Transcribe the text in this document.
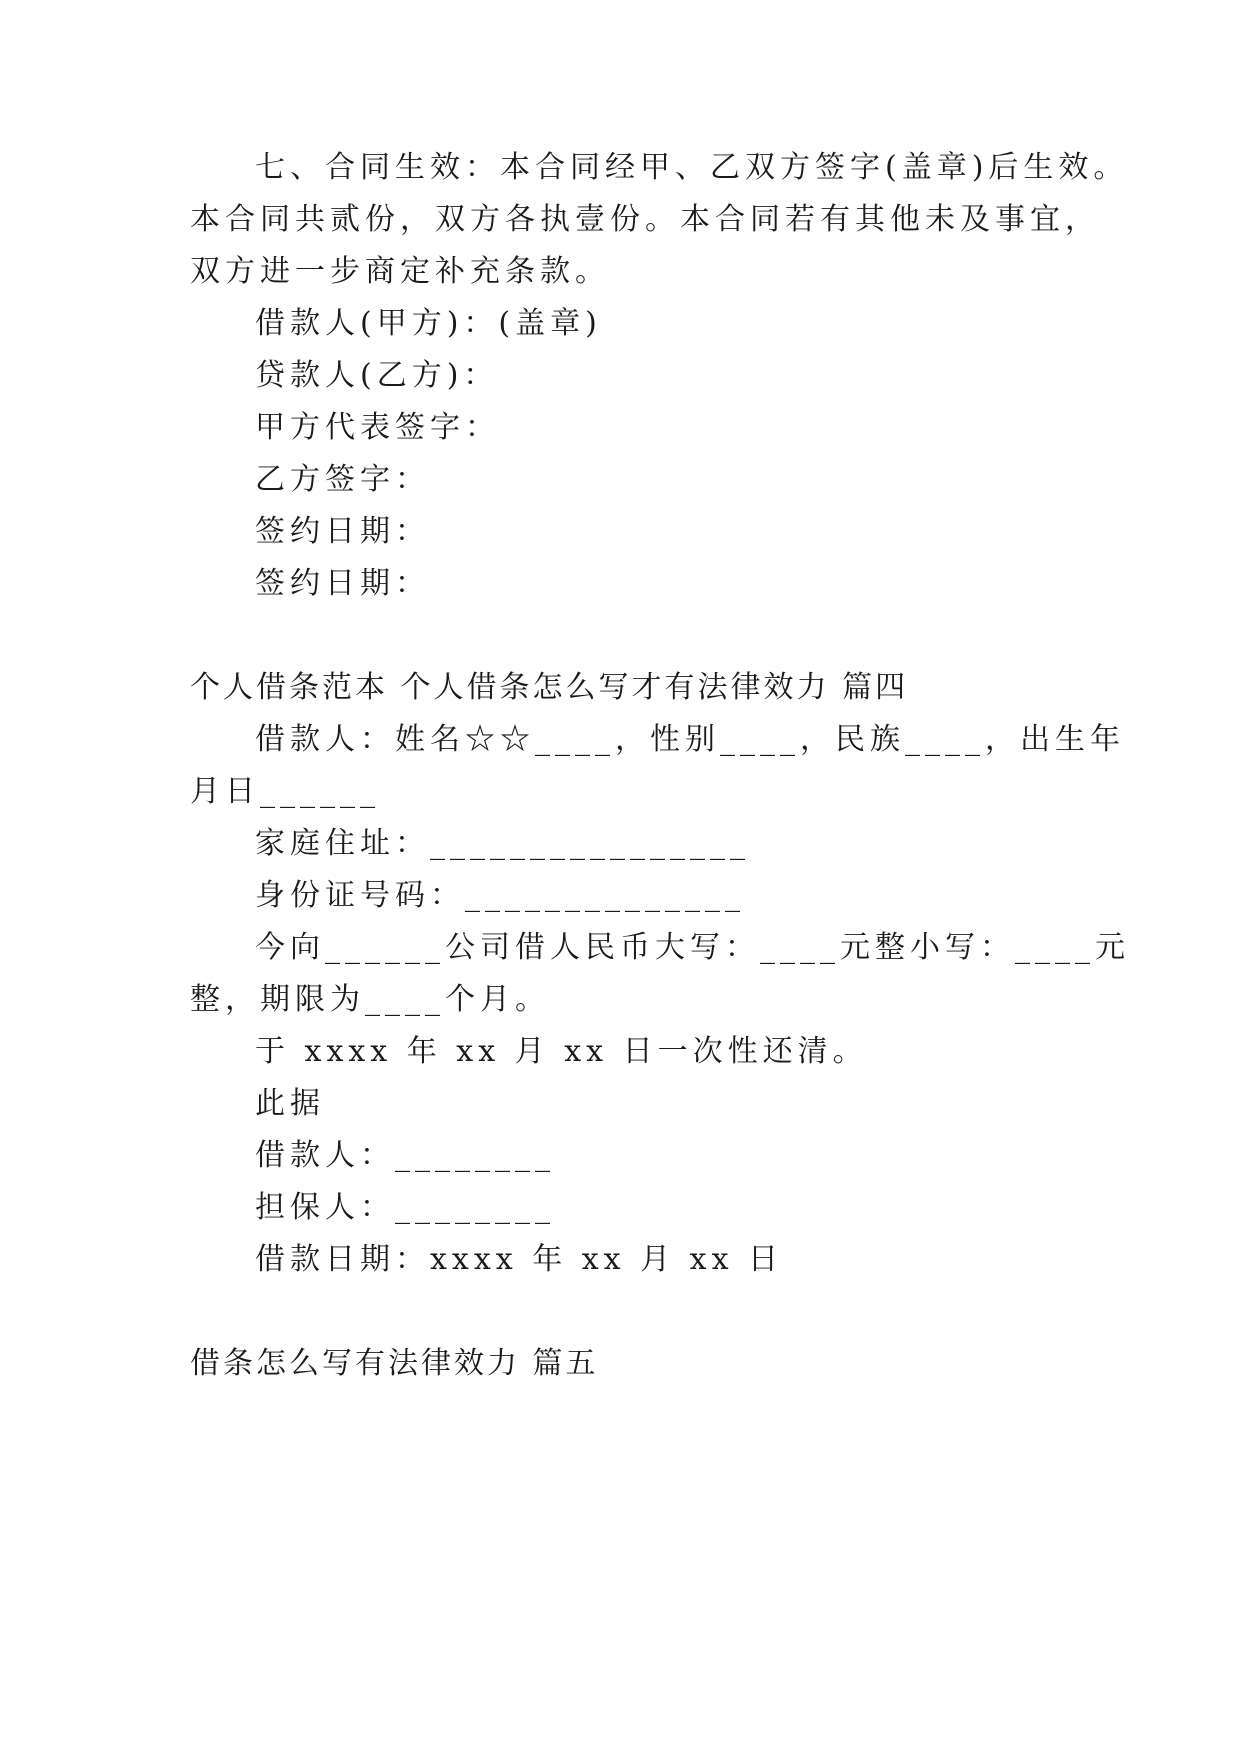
七、合同生效：本合同经甲、乙双方签字(盖章)后生效。
本合同共贰份，双方各执壹份。本合同若有其他未及事宜，
双方进一步商定补充条款。
借款人(甲方)：(盖章)
贷款人(乙方)：
甲方代表签字：
乙方签字：
签约日期：
签约日期：
个人借条范本 个人借条怎么写才有法律效力 篇四
借款人：姓名☆☆____，性别____，民族____，出生年
月日______
家庭住址：________________
身份证号码：______________
今向______公司借人民币大写：____元整小写：____元
整，期限为____个月。
于 xxxx 年 xx 月 xx 日一次性还清。
此据
借款人：________
担保人：________
借款日期：xxxx 年 xx 月 xx 日
借条怎么写有法律效力 篇五
